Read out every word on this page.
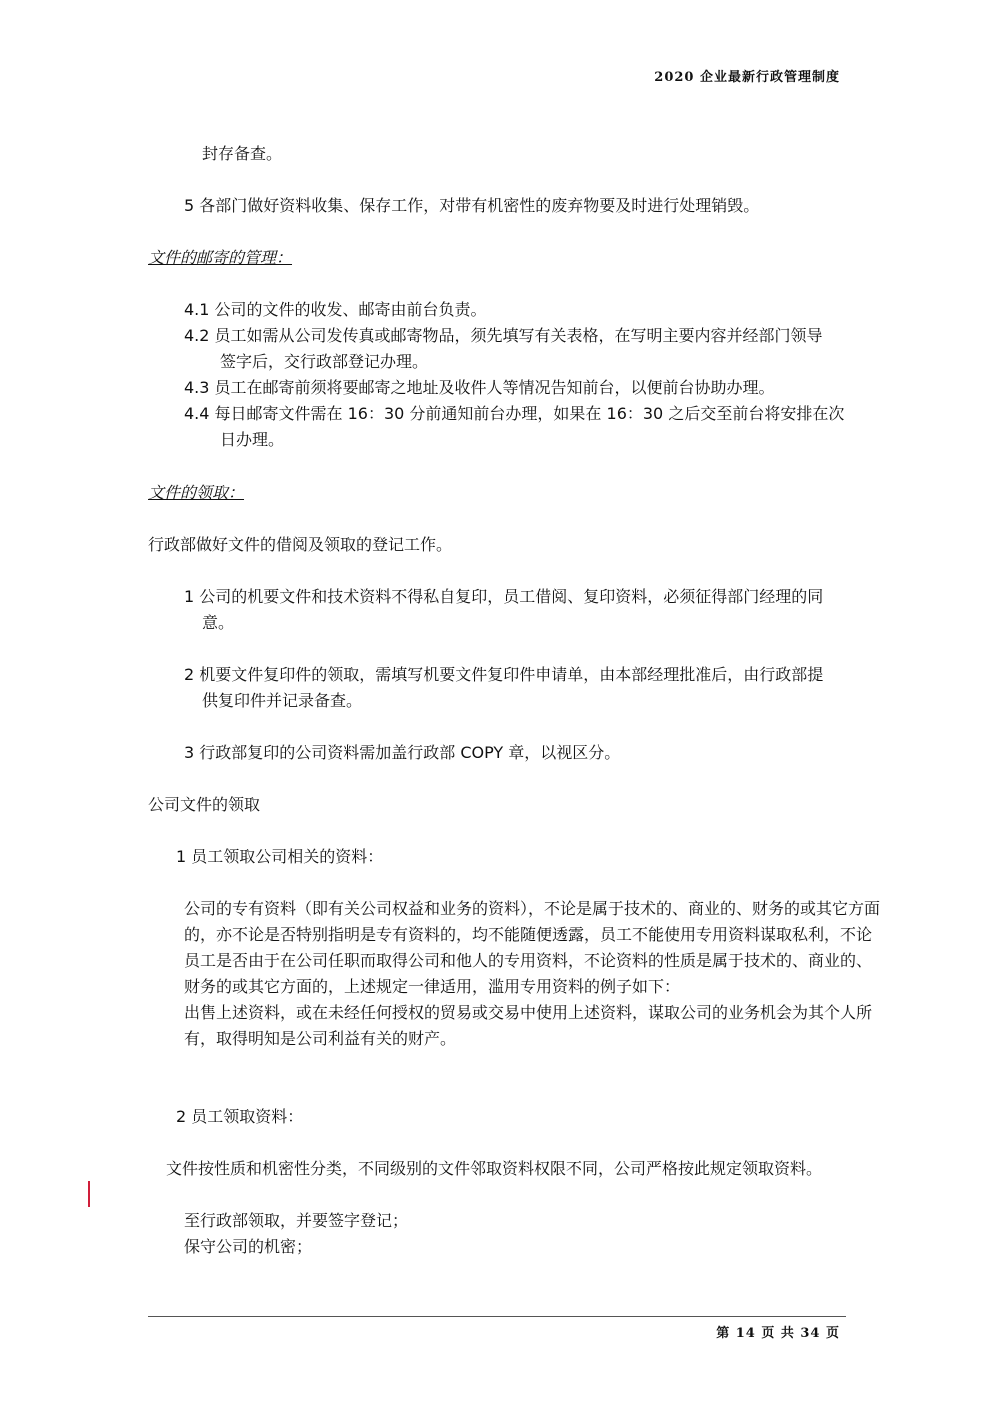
2020 企业最新行政管理制度
封存备查。
5 各部门做好资料收集、保存工作，对带有机密性的废弃物要及时进行处理销毁。
文件的邮寄的管理：
4.1 公司的文件的收发、邮寄由前台负责。
4.2 员工如需从公司发传真或邮寄物品，须先填写有关表格，在写明主要内容并经部门领导
签字后，交行政部登记办理。
4.3 员工在邮寄前须将要邮寄之地址及收件人等情况告知前台，以便前台协助办理。
4.4 每日邮寄文件需在 16：30 分前通知前台办理，如果在 16：30 之后交至前台将安排在次
日办理。
文件的领取：
行政部做好文件的借阅及领取的登记工作。
1 公司的机要文件和技术资料不得私自复印，员工借阅、复印资料，必须征得部门经理的同
意。
2 机要文件复印件的领取，需填写机要文件复印件申请单，由本部经理批准后，由行政部提
供复印件并记录备查。
3 行政部复印的公司资料需加盖行政部 COPY 章，以视区分。
公司文件的领取
1 员工领取公司相关的资料：

公司的专有资料（即有关公司权益和业务的资料），不论是属于技术的、商业的、财务的或其它方面的，亦不论是否特别指明是专有资料的，均不能随便透露，员工不能使用专用资料谋取私利，不论员工是否由于在公司任职而取得公司和他人的专用资料，不论资料的性质是属于技术的、商业的、财务的或其它方面的，上述规定一律适用，滥用专用资料的例子如下：

出售上述资料，或在未经任何授权的贸易或交易中使用上述资料，谋取公司的业务机会为其个人所有，取得明知是公司利益有关的财产。

2 员工领取资料：
文件按性质和机密性分类，不同级别的文件邻取资料权限不同，公司严格按此规定领取资料。
至行政部领取，并要签字登记；
保守公司的机密；
第 14 页 共 34 页
